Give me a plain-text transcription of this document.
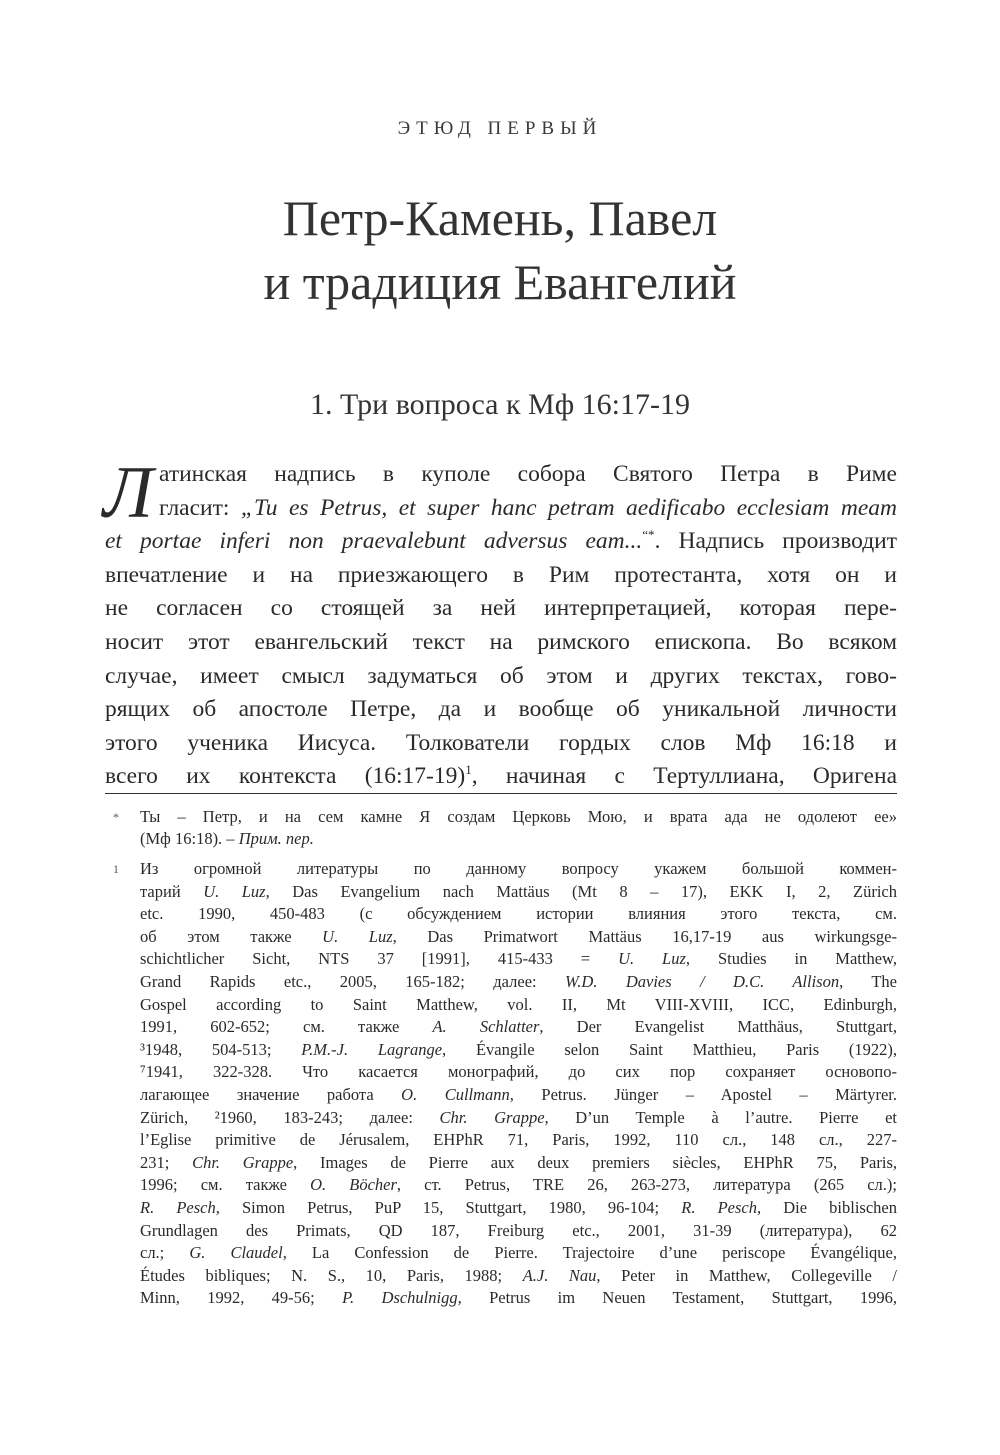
ЭТЮД ПЕРВЫЙ
Петр-Камень, Павел
и традиция Евангелий
1. Три вопроса к Мф 16:17-19
Л атинская надпись в куполе собора Святого Петра в Риме
гласит: „Tu es Petrus, et super hanc petram aedificabo ecclesiam meam
et portae inferi non praevalebunt adversus eam...“*. Надпись производит
впечатление и на приезжающего в Рим протестанта, хотя он и
не согласен со стоящей за ней интерпретацией, которая пере-
носит этот евангельский текст на римского епископа. Во всяком
случае, имеет смысл задуматься об этом и других текстах, гово-
рящих об апостоле Петре, да и вообще об уникальной личности
этого ученика Иисуса. Толкователи гордых слов Мф 16:18 и
всего их контекста (16:17-19)$^1$, начиная с Тертуллиана, Оригена
* Ты – Петр, и на сем камне Я создам Церковь Мою, и врата ада не одолеют ее»
(Мф 16:18). – Прим. пер.
1 Из огромной литературы по данному вопросу укажем большой коммен-
тарий U. Luz, Das Evangelium nach Mattäus (Mt 8 – 17), EKK I, 2, Zürich
etc. 1990, 450-483 (с обсуждением истории влияния этого текста, см.
об этом также U. Luz, Das Primatwort Mattäus 16,17-19 aus wirkungsge-
schichtlicher Sicht, NTS 37 [1991], 415-433 = U. Luz, Studies in Matthew,
Grand Rapids etc., 2005, 165-182; далее: W.D. Davies / D.C. Allison, The
Gospel according to Saint Matthew, vol. II, Mt VIII-XVIII, ICC, Edinburgh,
1991, 602-652; см. также A. Schlatter, Der Evangelist Matthäus, Stuttgart,
³1948, 504-513; P.M.-J. Lagrange, Évangile selon Saint Matthieu, Paris (1922),
⁷1941, 322-328. Что касается монографий, до сих пор сохраняет основопо-
лагающее значение работа O. Cullmann, Petrus. Jünger – Apostel – Märtyrer.
Zürich, ²1960, 183-243; далее: Chr. Grappe, D’un Temple à l’autre. Pierre et
l’Eglise primitive de Jérusalem, EHPhR 71, Paris, 1992, 110 сл., 148 сл., 227-
231; Chr. Grappe, Images de Pierre aux deux premiers siècles, EHPhR 75, Paris,
1996; см. также O. Böcher, ст. Petrus, TRE 26, 263-273, литература (265 сл.);
R. Pesch, Simon Petrus, PuP 15, Stuttgart, 1980, 96-104; R. Pesch, Die biblischen
Grundlagen des Primats, QD 187, Freiburg etc., 2001, 31-39 (литература), 62
сл.; G. Claudel, La Confession de Pierre. Trajectoire d’une periscope Évangélique,
Études bibliques; N. S., 10, Paris, 1988; A.J. Nau, Peter in Matthew, Collegeville /
Minn, 1992, 49-56; P. Dschulnigg, Petrus im Neuen Testament, Stuttgart, 1996,
